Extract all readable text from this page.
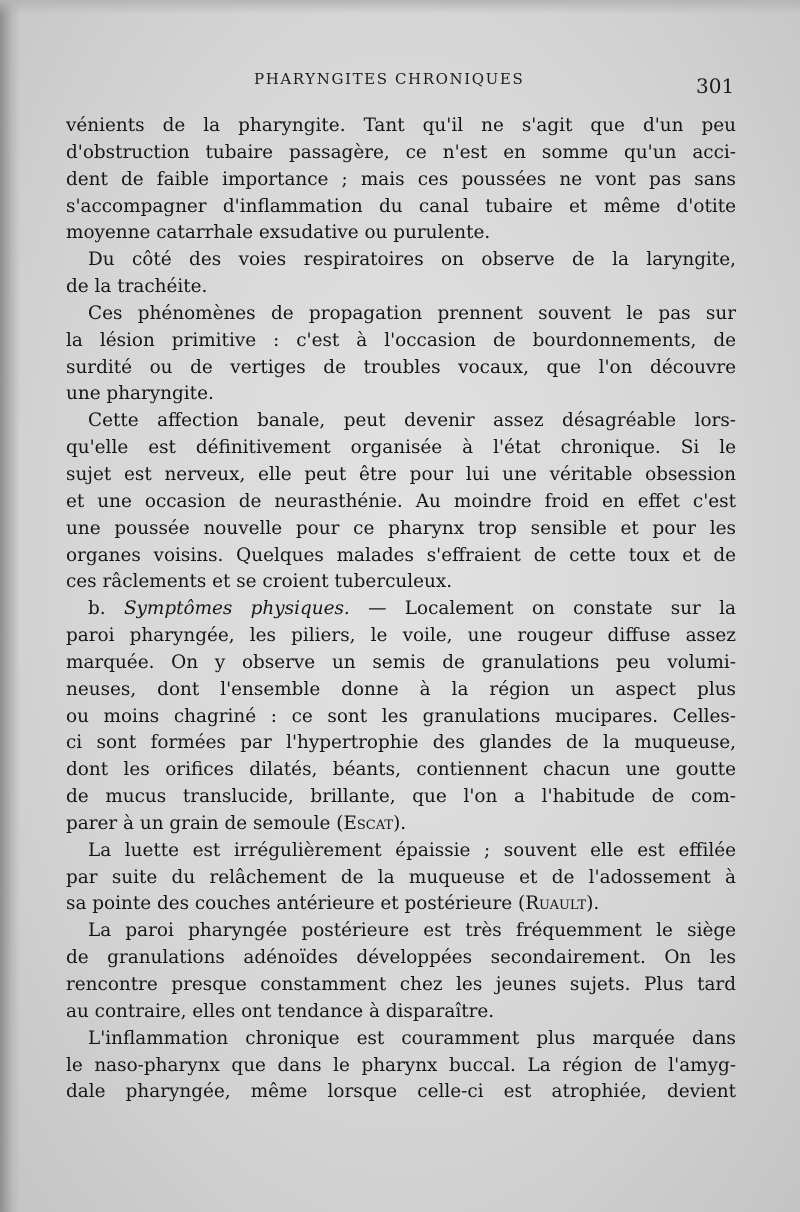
PHARYNGITES CHRONIQUES	301
vénients de la pharyngite. Tant qu'il ne s'agit que d'un peu
d'obstruction tubaire passagère, ce n'est en somme qu'un acci-
dent de faible importance ; mais ces poussées ne vont pas sans
s'accompagner d'inflammation du canal tubaire et même d'otite
moyenne catarrhale exsudative ou purulente.
Du côté des voies respiratoires on observe de la laryngite,
de la trachéite.
Ces phénomènes de propagation prennent souvent le pas sur
la lésion primitive : c'est à l'occasion de bourdonnements, de
surdité ou de vertiges de troubles vocaux, que l'on découvre
une pharyngite.
Cette affection banale, peut devenir assez désagréable lors-
qu'elle est définitivement organisée à l'état chronique. Si le
sujet est nerveux, elle peut être pour lui une véritable obsession
et une occasion de neurasthénie. Au moindre froid en effet c'est
une poussée nouvelle pour ce pharynx trop sensible et pour les
organes voisins. Quelques malades s'effraient de cette toux et de
ces râclements et se croient tuberculeux.
b. Symptômes physiques. — Localement on constate sur la
paroi pharyngée, les piliers, le voile, une rougeur diffuse assez
marquée. On y observe un semis de granulations peu volumi-
neuses, dont l'ensemble donne à la région un aspect plus
ou moins chagriné : ce sont les granulations mucipares. Celles-
ci sont formées par l'hypertrophie des glandes de la muqueuse,
dont les orifices dilatés, béants, contiennent chacun une goutte
de mucus translucide, brillante, que l'on a l'habitude de com-
parer à un grain de semoule (Escat).
La luette est irrégulièrement épaissie ; souvent elle est effilée
par suite du relâchement de la muqueuse et de l'adossement à
sa pointe des couches antérieure et postérieure (Ruault).
La paroi pharyngée postérieure est très fréquemment le siège
de granulations adénoïdes développées secondairement. On les
rencontre presque constamment chez les jeunes sujets. Plus tard
au contraire, elles ont tendance à disparaître.
L'inflammation chronique est couramment plus marquée dans
le naso-pharynx que dans le pharynx buccal. La région de l'amyg-
dale pharyngée, même lorsque celle-ci est atrophiée, devient
